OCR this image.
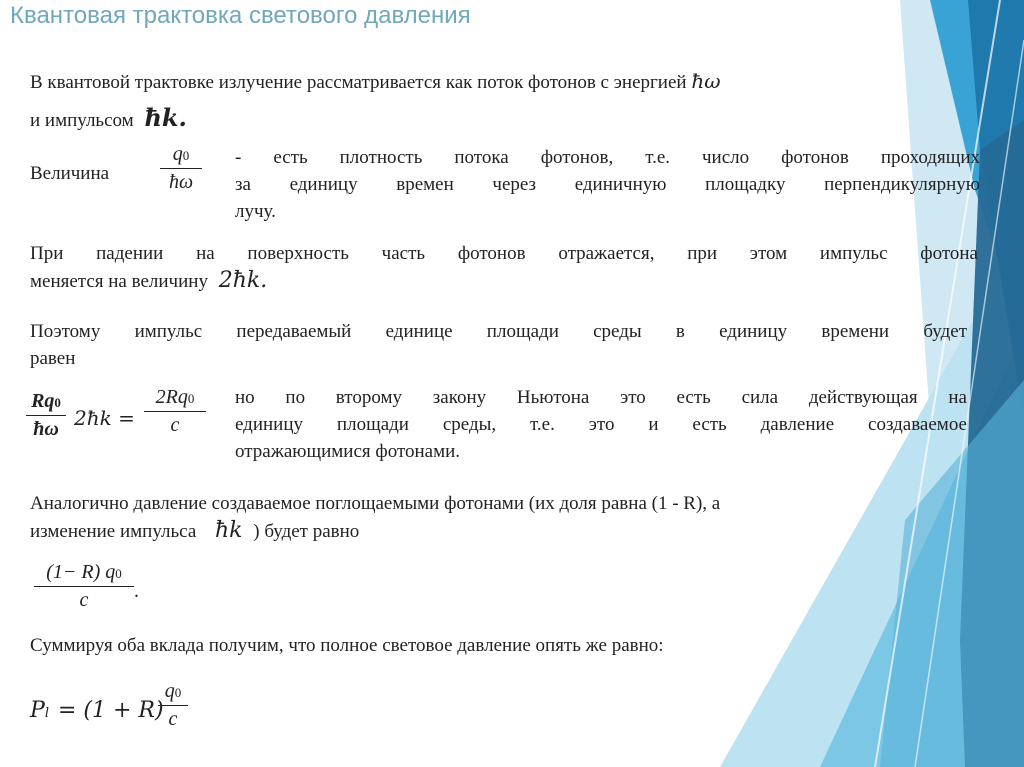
Квантовая трактовка светового давления
В квантовой трактовке излучение рассматривается как поток фотонов с энергией ħω
и импульсом ħk.
Величина
q0
ħω
- есть плотность потока фотонов, т.е. число фотонов проходящих
за единицу времен через единичную площадку перпендикулярную
лучу.
При падении на поверхность часть фотонов отражается, при этом импульс фотона
меняется на величину 2ħk.
Поэтому импульс передаваемый единице площади среды в единицу времени будет
равен
Rq0
ħω 2ħk =
2Rq0
c
но по второму закону Ньютона это есть сила действующая на
единицу площади среды, т.е. это и есть давление создаваемое
отражающимися фотонами.
Аналогично давление создаваемое поглощаемыми фотонами (их доля равна (1 - R), а
изменение импульса ħk ) будет равно
(1− R) q0
c	.
Суммируя оба вклада получим, что полное световое давление опять же равно:
Pl = (1 + R)
q0
c
